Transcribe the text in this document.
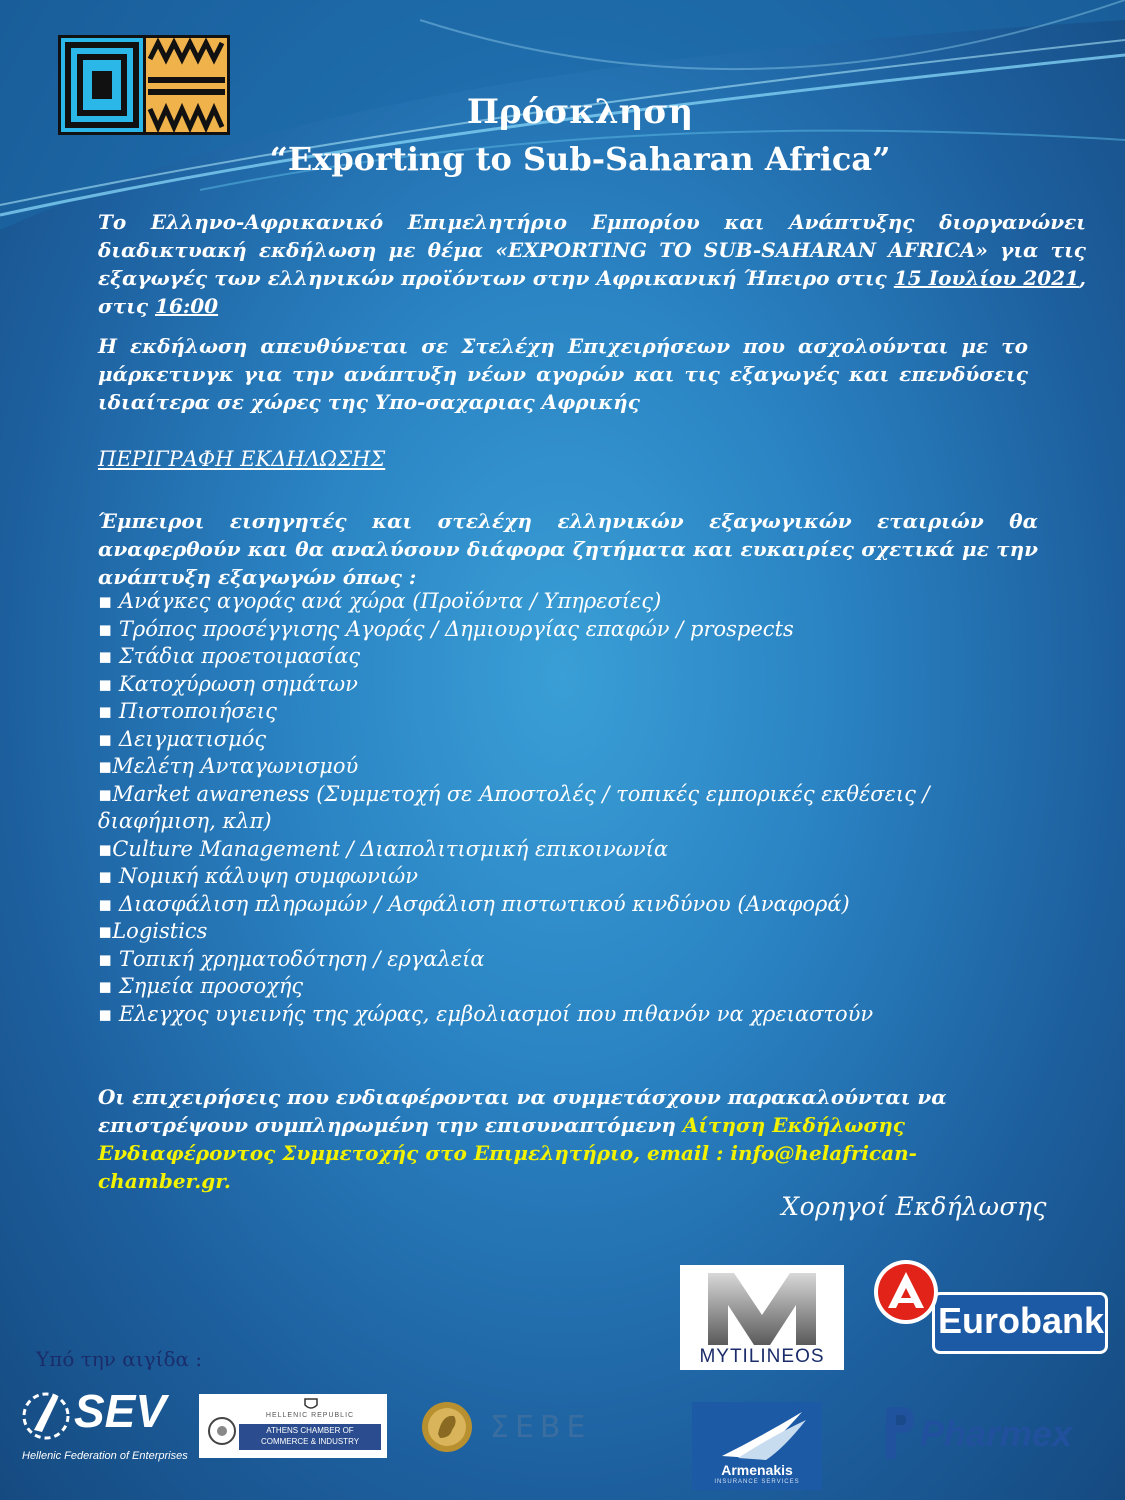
Πρόσκληση
“Exporting to Sub-Saharan Africa”
Το Ελληνο-Αφρικανικό Επιμελητήριο Εμπορίου και Ανάπτυξης διοργανώνει διαδικτυακή εκδήλωση με θέμα «EXPORTING TO SUB-SAHARAN AFRICA» για τις εξαγωγές των ελληνικών προϊόντων στην Αφρικανική Ήπειρο στις 15 Ιουλίου 2021, στις 16:00
Η εκδήλωση απευθύνεται σε Στελέχη Επιχειρήσεων που ασχολούνται με το μάρκετινγκ για την ανάπτυξη νέων αγορών και τις εξαγωγές και επενδύσεις ιδιαίτερα σε χώρες της Υπο-σαχαριας Αφρικής
ΠΕΡΙΓΡΑΦΗ ΕΚΔΗΛΩΣΗΣ
Έμπειροι εισηγητές και στελέχη ελληνικών εξαγωγικών εταιριών θα αναφερθούν και θα αναλύσουν διάφορα ζητήματα και ευκαιρίες σχετικά με την ανάπτυξη εξαγωγών όπως :
▪ Ανάγκες αγοράς ανά χώρα (Προϊόντα / Υπηρεσίες)
▪ Τρόπος προσέγγισης Αγοράς / Δημιουργίας επαφών / prospects
▪ Στάδια προετοιμασίας
▪ Κατοχύρωση σημάτων
▪ Πιστοποιήσεις
▪ Δειγματισμός
▪Μελέτη Ανταγωνισμού
▪Market awareness (Συμμετοχή σε Αποστολές / τοπικές εμπορικές εκθέσεις / διαφήμιση, κλπ)
▪Culture Management / Διαπολιτισμική επικοινωνία
▪ Νομική κάλυψη συμφωνιών
▪ Διασφάλιση πληρωμών / Ασφάλιση πιστωτικού κινδύνου (Αναφορά)
▪Logistics
▪ Τοπική χρηματοδότηση / εργαλεία
▪ Σημεία προσοχής
▪ Ελεγχος υγιεινής της χώρας, εμβολιασμοί που πιθανόν να χρειαστούν
Οι επιχειρήσεις που ενδιαφέρονται να συμμετάσχουν παρακαλούνται να επιστρέψουν συμπληρωμένη την επισυναπτόμενη Αίτηση Εκδήλωσης Ενδιαφέροντος Συμμετοχής στο Επιμελητήριο, email : info@helafrican-chamber.gr.
Χορηγοί Εκδήλωσης
MYTILINEOS
Eurobank
Υπό την αιγίδα :
SEV
Hellenic Federation of Enterprises
HELLENIC REPUBLIC
ATHENS CHAMBER OF
COMMERCE & INDUSTRY	ΣΕΒΕ
Armenakis
INSURANCE SERVICES
Pharmex
